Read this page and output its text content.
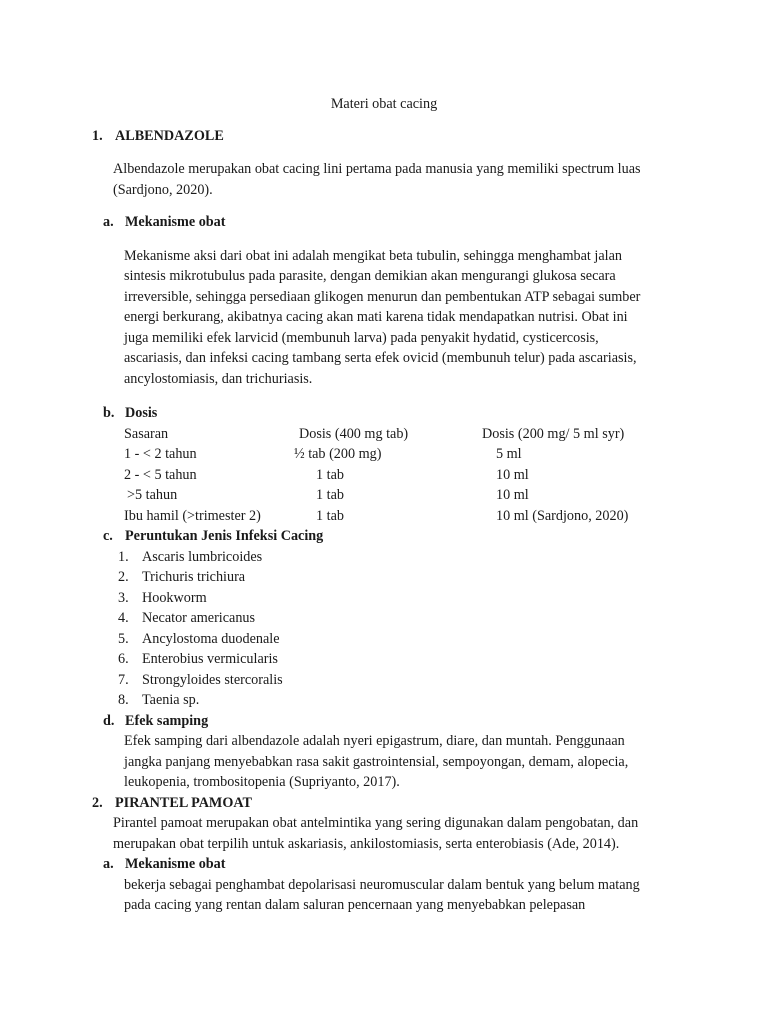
Materi obat cacing
1. ALBENDAZOLE
Albendazole merupakan obat cacing lini pertama pada manusia yang memiliki spectrum luas
(Sardjono, 2020).
a. Mekanisme obat
Mekanisme aksi dari obat ini adalah mengikat beta tubulin, sehingga menghambat jalan
sintesis mikrotubulus pada parasite, dengan demikian akan mengurangi glukosa secara
irreversible, sehingga persediaan glikogen menurun dan pembentukan ATP sebagai sumber
energi berkurang, akibatnya cacing akan mati karena tidak mendapatkan nutrisi. Obat ini
juga memiliki efek larvicid (membunuh larva) pada penyakit hydatid, cysticercosis,
ascariasis, dan infeksi cacing tambang serta efek ovicid (membunuh telur) pada ascariasis,
ancylostomiasis, dan trichuriasis.
b. Dosis
Sasaran	Dosis (400 mg tab)	Dosis (200 mg/ 5 ml syr)
1 - < 2 tahun	½ tab (200 mg)	5 ml
2 - < 5 tahun	1 tab	10 ml
>5 tahun	1 tab	10 ml
Ibu hamil (>trimester 2)	1 tab	10 ml (Sardjono, 2020)
c. Peruntukan Jenis Infeksi Cacing
1. Ascaris lumbricoides
2. Trichuris trichiura
3. Hookworm
4. Necator americanus
5. Ancylostoma duodenale
6. Enterobius vermicularis
7. Strongyloides stercoralis
8. Taenia sp.
d. Efek samping
Efek samping dari albendazole adalah nyeri epigastrum, diare, dan muntah. Penggunaan
jangka panjang menyebabkan rasa sakit gastrointensial, sempoyongan, demam, alopecia,
leukopenia, trombositopenia (Supriyanto, 2017).
2. PIRANTEL PAMOAT
Pirantel pamoat merupakan obat antelmintika yang sering digunakan dalam pengobatan, dan
merupakan obat terpilih untuk askariasis, ankilostomiasis, serta enterobiasis (Ade, 2014).
a. Mekanisme obat
bekerja sebagai penghambat depolarisasi neuromuscular dalam bentuk yang belum matang
pada cacing yang rentan dalam saluran pencernaan yang menyebabkan pelepasan
